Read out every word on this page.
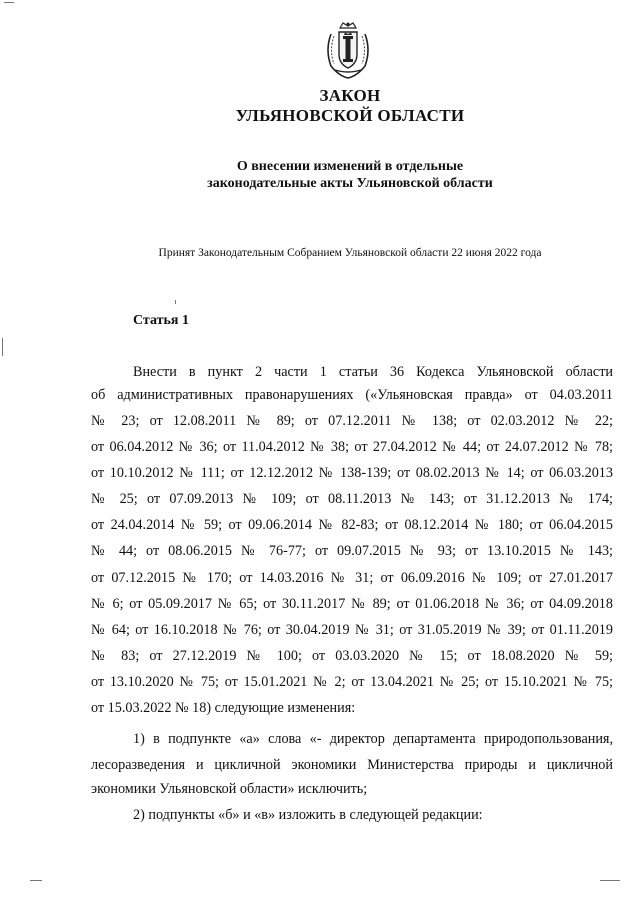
ЗАКОН
УЛЬЯНОВСКОЙ ОБЛАСТИ
О внесении изменений в отдельные
законодательные акты Ульяновской области
Принят Законодательным Собранием Ульяновской области 22 июня 2022 года
Статья 1
Внести в пункт 2 части 1 статьи 36 Кодекса Ульяновской области
об административных правонарушениях («Ульяновская правда» от 04.03.2011
№ 23; от 12.08.2011 № 89; от 07.12.2011 № 138; от 02.03.2012 № 22;
от 06.04.2012 № 36; от 11.04.2012 № 38; от 27.04.2012 № 44; от 24.07.2012 № 78;
от 10.10.2012 № 111; от 12.12.2012 № 138-139; от 08.02.2013 № 14; от 06.03.2013
№ 25; от 07.09.2013 № 109; от 08.11.2013 № 143; от 31.12.2013 № 174;
от 24.04.2014 № 59; от 09.06.2014 № 82-83; от 08.12.2014 № 180; от 06.04.2015
№ 44; от 08.06.2015 № 76-77; от 09.07.2015 № 93; от 13.10.2015 № 143;
от 07.12.2015 № 170; от 14.03.2016 № 31; от 06.09.2016 № 109; от 27.01.2017
№ 6; от 05.09.2017 № 65; от 30.11.2017 № 89; от 01.06.2018 № 36; от 04.09.2018
№ 64; от 16.10.2018 № 76; от 30.04.2019 № 31; от 31.05.2019 № 39; от 01.11.2019
№ 83; от 27.12.2019 № 100; от 03.03.2020 № 15; от 18.08.2020 № 59;
от 13.10.2020 № 75; от 15.01.2021 № 2; от 13.04.2021 № 25; от 15.10.2021 № 75;
от 15.03.2022 № 18) следующие изменения:
1) в подпункте «а» слова «- директор департамента природопользования,
лесоразведения и цикличной экономики Министерства природы и цикличной
экономики Ульяновской области» исключить;
2) подпункты «б» и «в» изложить в следующей редакции:
